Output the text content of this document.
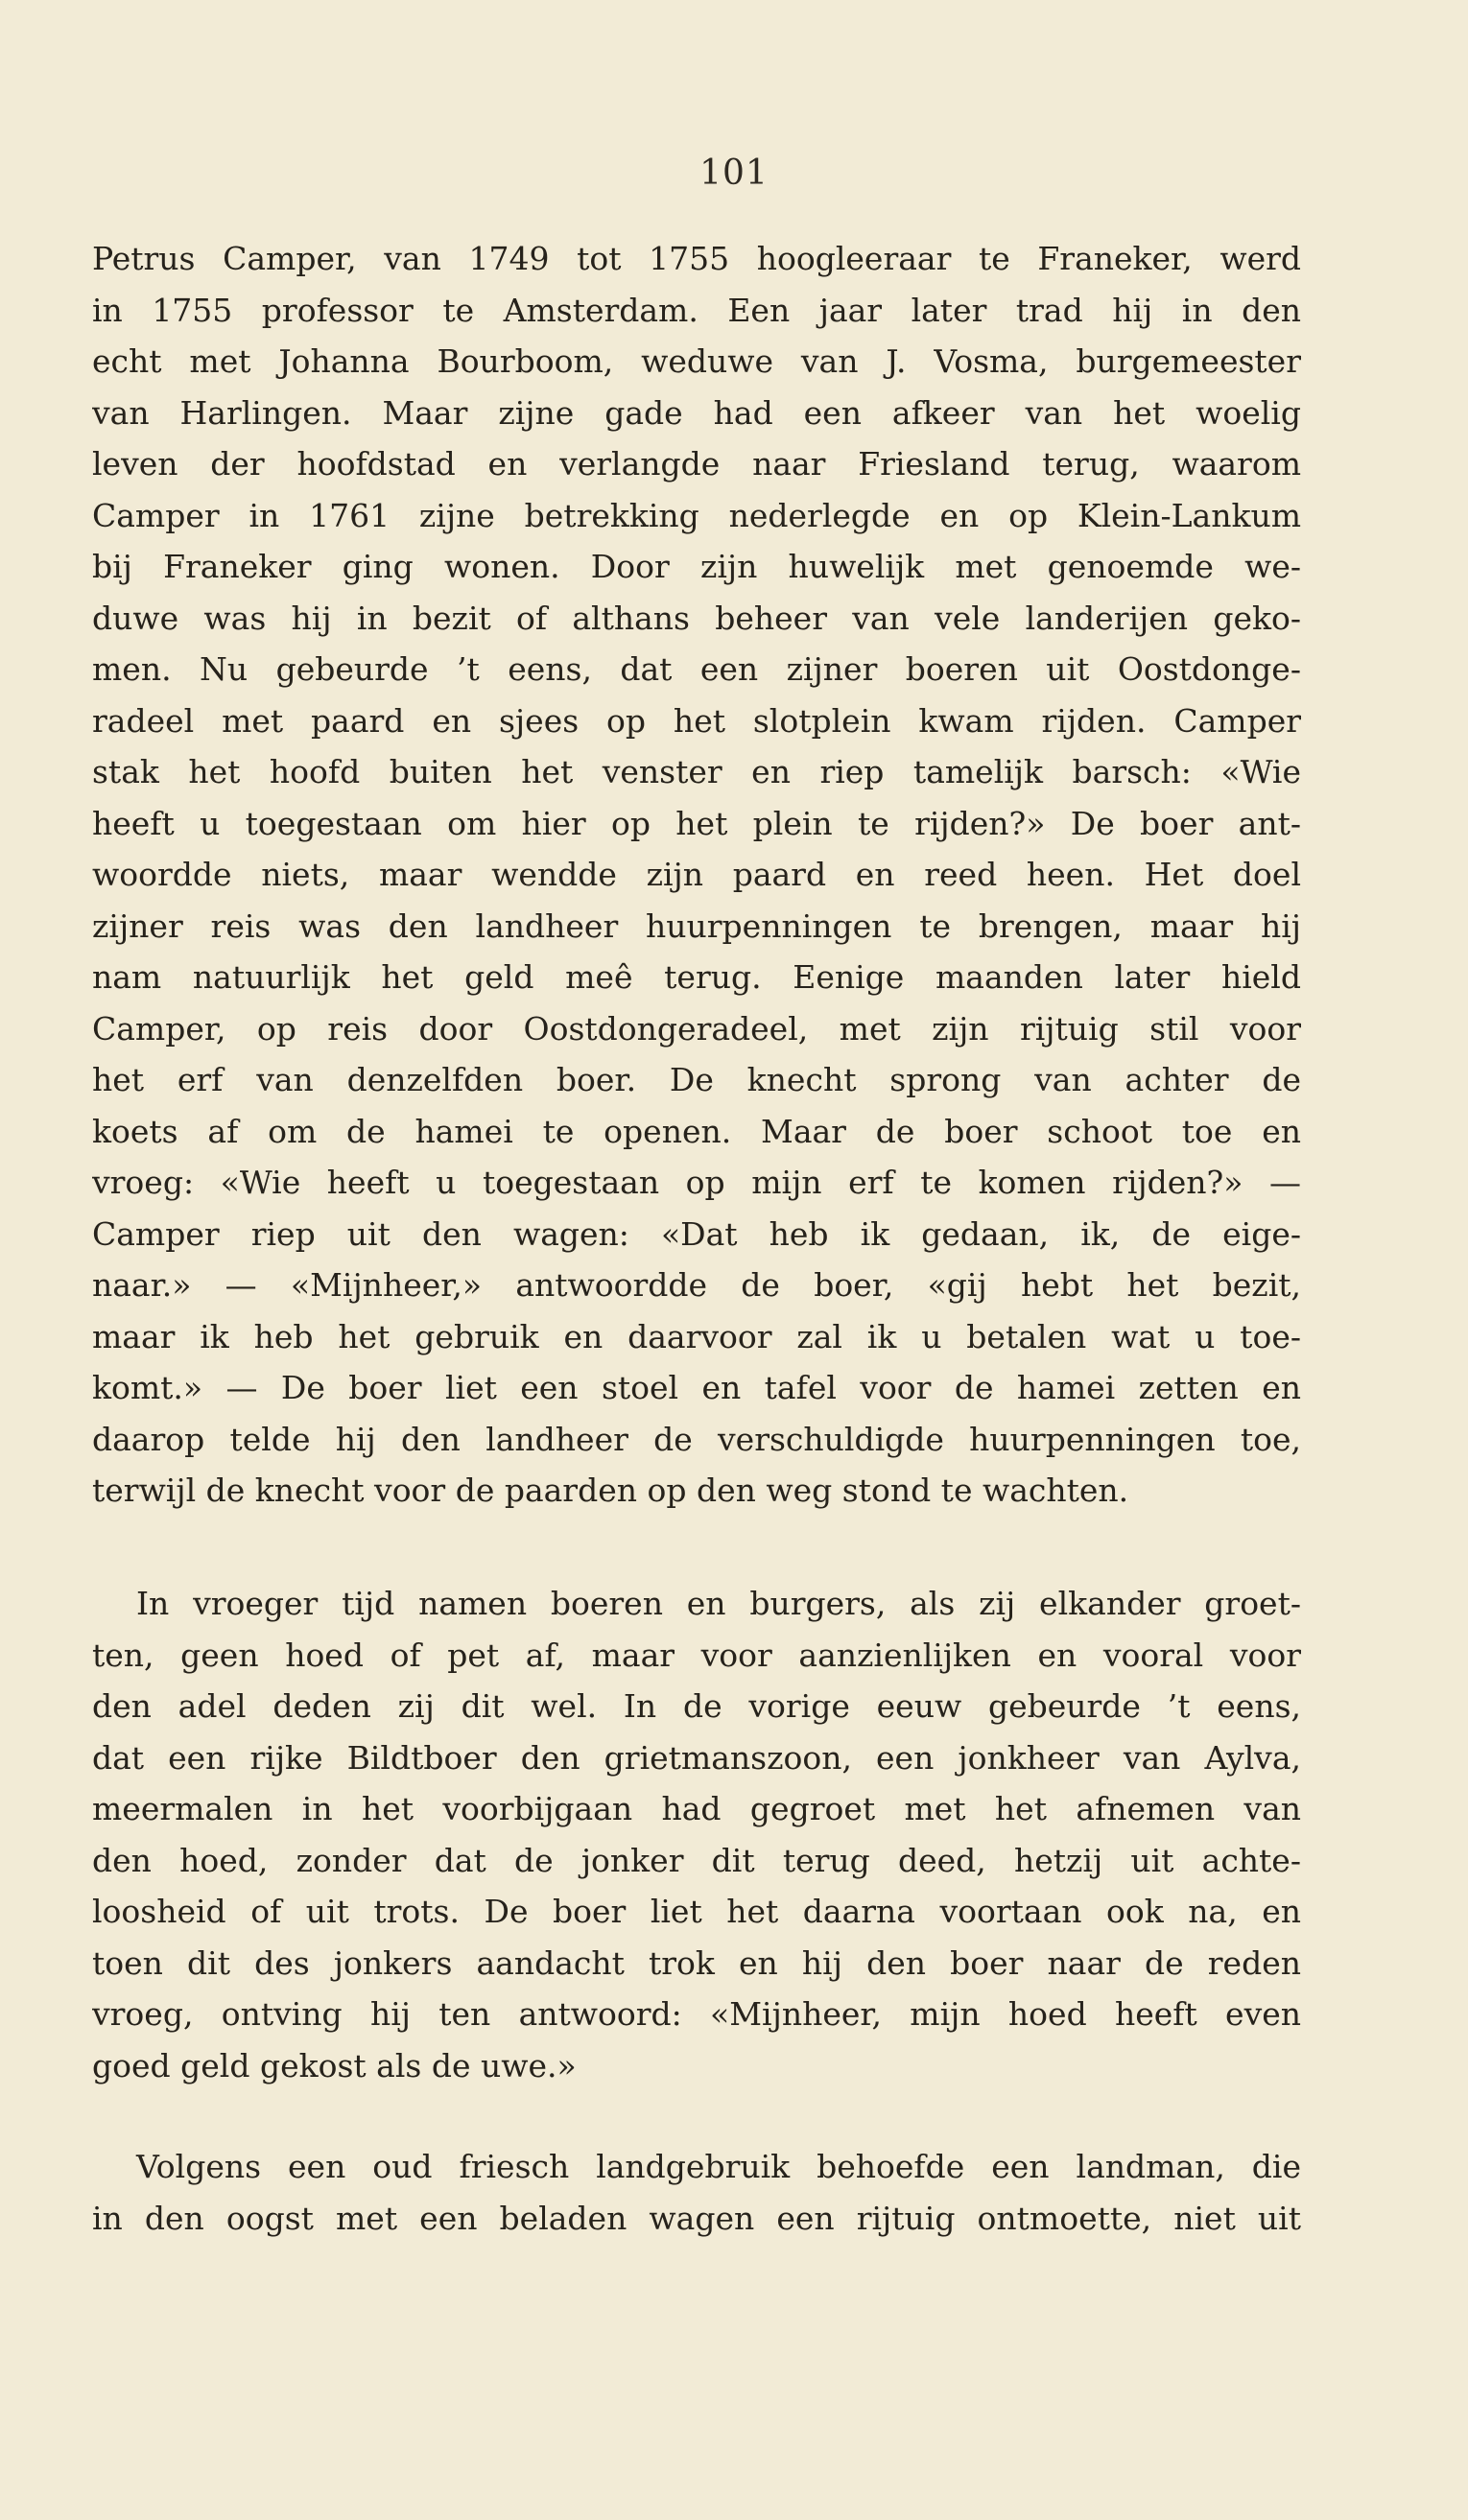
101
Petrus Camper, van 1749 tot 1755 hoogleeraar te Franeker, werd
in 1755 professor te Amsterdam. Een jaar later trad hij in den
echt met Johanna Bourboom, weduwe van J. Vosma, burgemeester
van Harlingen. Maar zijne gade had een afkeer van het woelig
leven der hoofdstad en verlangde naar Friesland terug, waarom
Camper in 1761 zijne betrekking nederlegde en op Klein-Lankum
bij Franeker ging wonen. Door zijn huwelijk met genoemde we-
duwe was hij in bezit of althans beheer van vele landerijen geko-
men. Nu gebeurde ’t eens, dat een zijner boeren uit Oostdonge-
radeel met paard en sjees op het slotplein kwam rijden. Camper
stak het hoofd buiten het venster en riep tamelijk barsch: «Wie
heeft u toegestaan om hier op het plein te rijden?» De boer ant-
woordde niets, maar wendde zijn paard en reed heen. Het doel
zijner reis was den landheer huurpenningen te brengen, maar hij
nam natuurlijk het geld meê terug. Eenige maanden later hield
Camper, op reis door Oostdongeradeel, met zijn rijtuig stil voor
het erf van denzelfden boer. De knecht sprong van achter de
koets af om de hamei te openen. Maar de boer schoot toe en
vroeg: «Wie heeft u toegestaan op mijn erf te komen rijden?» —
Camper riep uit den wagen: «Dat heb ik gedaan, ik, de eige-
naar.» — «Mijnheer,» antwoordde de boer, «gij hebt het bezit,
maar ik heb het gebruik en daarvoor zal ik u betalen wat u toe-
komt.» — De boer liet een stoel en tafel voor de hamei zetten en
daarop telde hij den landheer de verschuldigde huurpenningen toe,
terwijl de knecht voor de paarden op den weg stond te wachten.
In vroeger tijd namen boeren en burgers, als zij elkander groet-
ten, geen hoed of pet af, maar voor aanzienlijken en vooral voor
den adel deden zij dit wel. In de vorige eeuw gebeurde ’t eens,
dat een rijke Bildtboer den grietmanszoon, een jonkheer van Aylva,
meermalen in het voorbijgaan had gegroet met het afnemen van
den hoed, zonder dat de jonker dit terug deed, hetzij uit achte-
loosheid of uit trots. De boer liet het daarna voortaan ook na, en
toen dit des jonkers aandacht trok en hij den boer naar de reden
vroeg, ontving hij ten antwoord: «Mijnheer, mijn hoed heeft even
goed geld gekost als de uwe.»
Volgens een oud friesch landgebruik behoefde een landman, die
in den oogst met een beladen wagen een rijtuig ontmoette, niet uit
